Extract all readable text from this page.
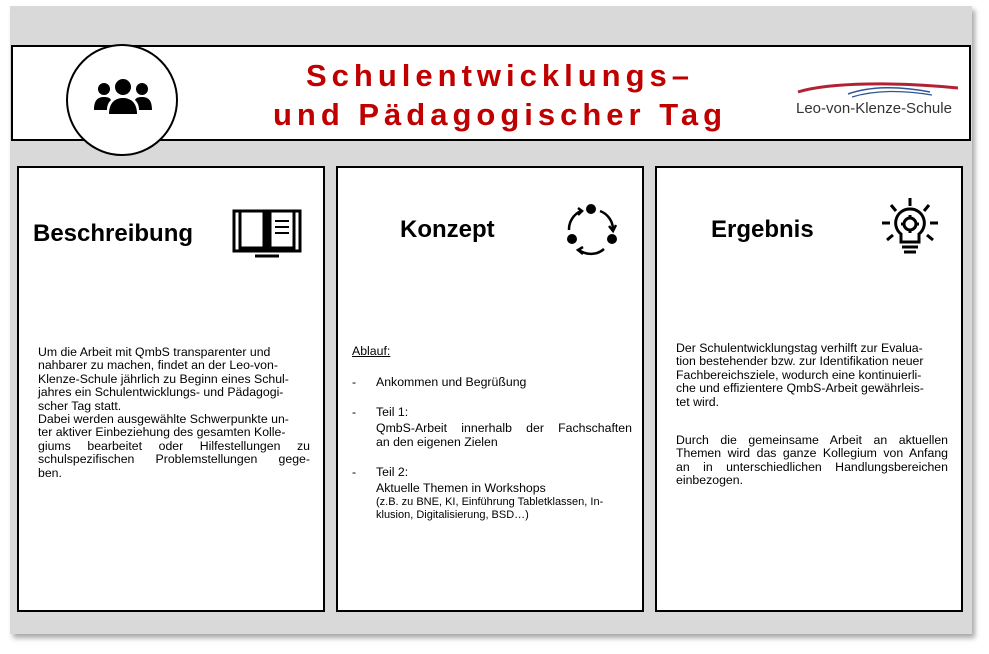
Schulentwicklungs–
und Pädagogischer Tag	Leo-von-Klenze-Schule
Beschreibung
Um die Arbeit mit QmbS transparenter und
nahbarer zu machen, findet an der Leo-von-
Klenze-Schule jährlich zu Beginn eines Schul-
jahres ein Schulentwicklungs- und Pädagogi-
scher Tag statt.
Dabei werden ausgewählte Schwerpunkte un-
ter aktiver Einbeziehung des gesamten Kolle-
giums bearbeitet oder Hilfestellungen zu
schulspezifischen Problemstellungen gege-
ben.
Konzept
Ablauf:
- Ankommen und Begrüßung
- Teil 1:
QmbS-Arbeit innerhalb der Fachschaften
an den eigenen Zielen
- Teil 2:
Aktuelle Themen in Workshops
(z.B. zu BNE, KI, Einführung Tabletklassen, In-
klusion, Digitalisierung, BSD…)
Ergebnis
Der Schulentwicklungstag verhilft zur Evalua-
tion bestehender bzw. zur Identifikation neuer
Fachbereichsziele, wodurch eine kontinuierli-
che und effizientere QmbS-Arbeit gewährleis-
tet wird.
Durch die gemeinsame Arbeit an aktuellen
Themen wird das ganze Kollegium von Anfang
an in unterschiedlichen Handlungsbereichen
einbezogen.
